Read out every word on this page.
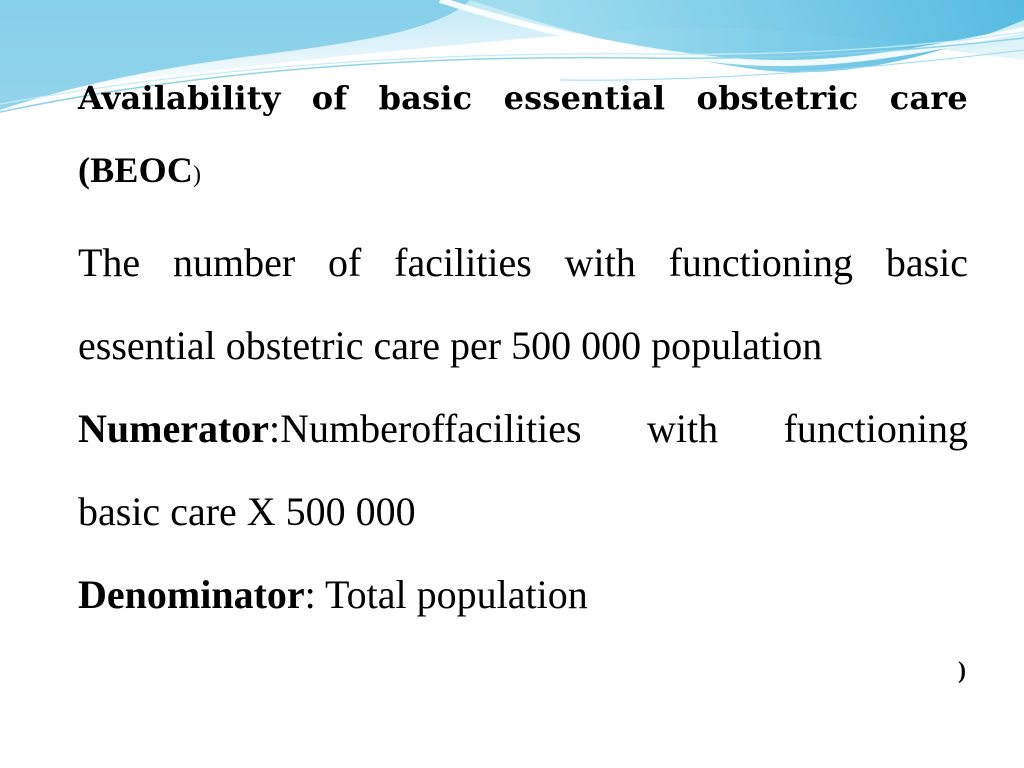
Availability of basic essential obstetric care
(BEOC)
The number of facilities with functioning basic
essential obstetric care per 500 000 population
Numerator:Numberoffacilities with functioning
basic care X 500 000
Denominator: Total population
)
